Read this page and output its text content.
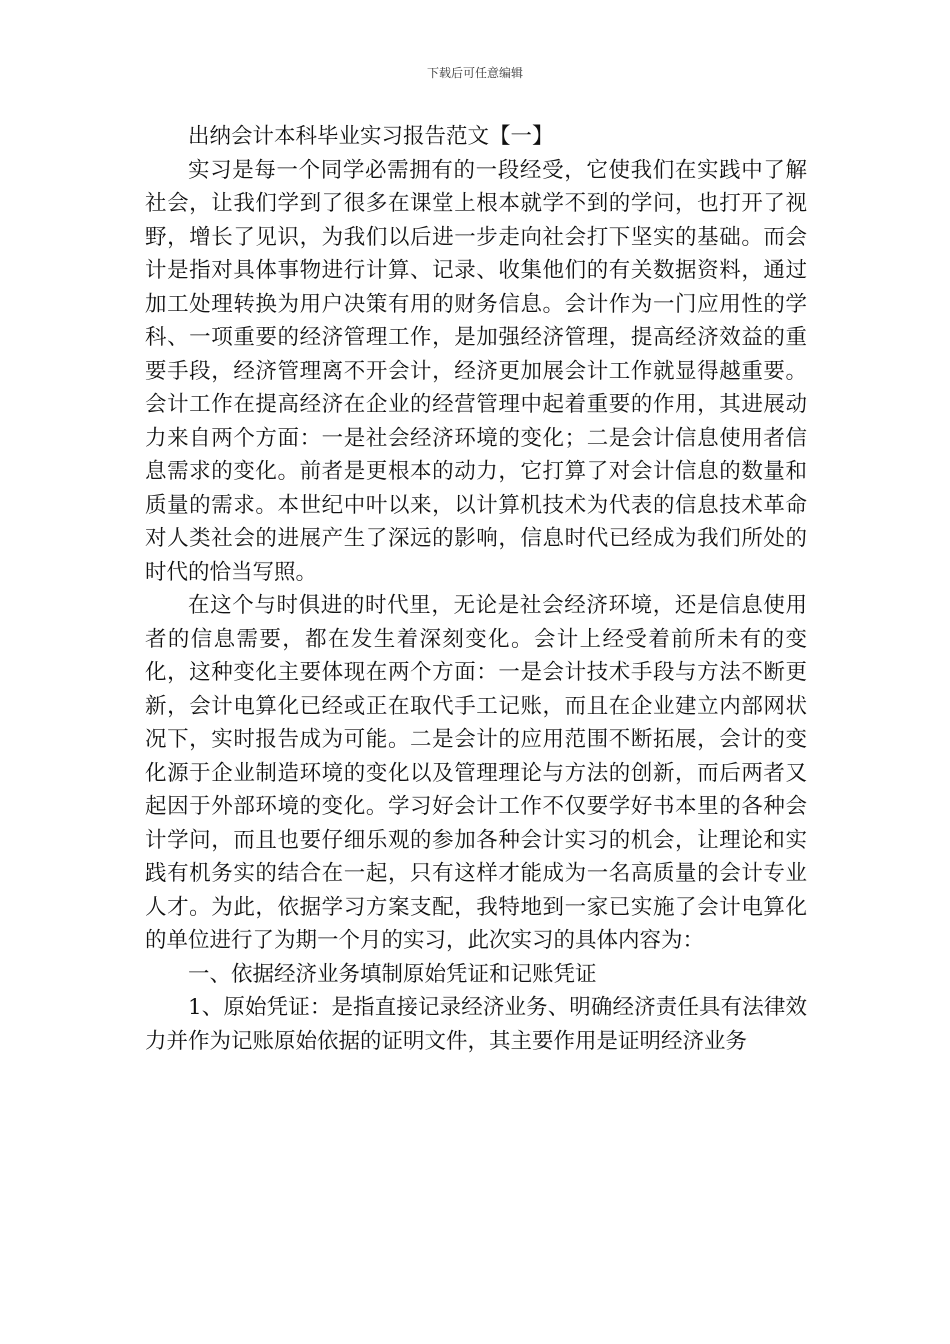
下载后可任意编辑

出纳会计本科毕业实习报告范文【一】

实习是每一个同学必需拥有的一段经受，它使我们在实践中了解社会，让我们学到了很多在课堂上根本就学不到的学问，也打开了视野，增长了见识，为我们以后进一步走向社会打下坚实的基础。而会计是指对具体事物进行计算、记录、收集他们的有关数据资料，通过加工处理转换为用户决策有用的财务信息。会计作为一门应用性的学科、一项重要的经济管理工作，是加强经济管理，提高经济效益的重要手段，经济管理离不开会计，经济更加展会计工作就显得越重要。会计工作在提高经济在企业的经营管理中起着重要的作用，其进展动力来自两个方面：一是社会经济环境的变化；二是会计信息使用者信息需求的变化。前者是更根本的动力，它打算了对会计信息的数量和质量的需求。本世纪中叶以来，以计算机技术为代表的信息技术革命对人类社会的进展产生了深远的影响，信息时代已经成为我们所处的时代的恰当写照。

在这个与时俱进的时代里，无论是社会经济环境，还是信息使用者的信息需要，都在发生着深刻变化。会计上经受着前所未有的变化，这种变化主要体现在两个方面：一是会计技术手段与方法不断更新，会计电算化已经或正在取代手工记账，而且在企业建立内部网状况下，实时报告成为可能。二是会计的应用范围不断拓展，会计的变化源于企业制造环境的变化以及管理理论与方法的创新，而后两者又起因于外部环境的变化。学习好会计工作不仅要学好书本里的各种会计学问，而且也要仔细乐观的参加各种会计实习的机会，让理论和实践有机务实的结合在一起，只有这样才能成为一名高质量的会计专业人才。为此，依据学习方案支配，我特地到一家已实施了会计电算化的单位进行了为期一个月的实习，此次实习的具体内容为：

一、依据经济业务填制原始凭证和记账凭证

1、原始凭证：是指直接记录经济业务、明确经济责任具有法律效力并作为记账原始依据的证明文件，其主要作用是证明经济业务
